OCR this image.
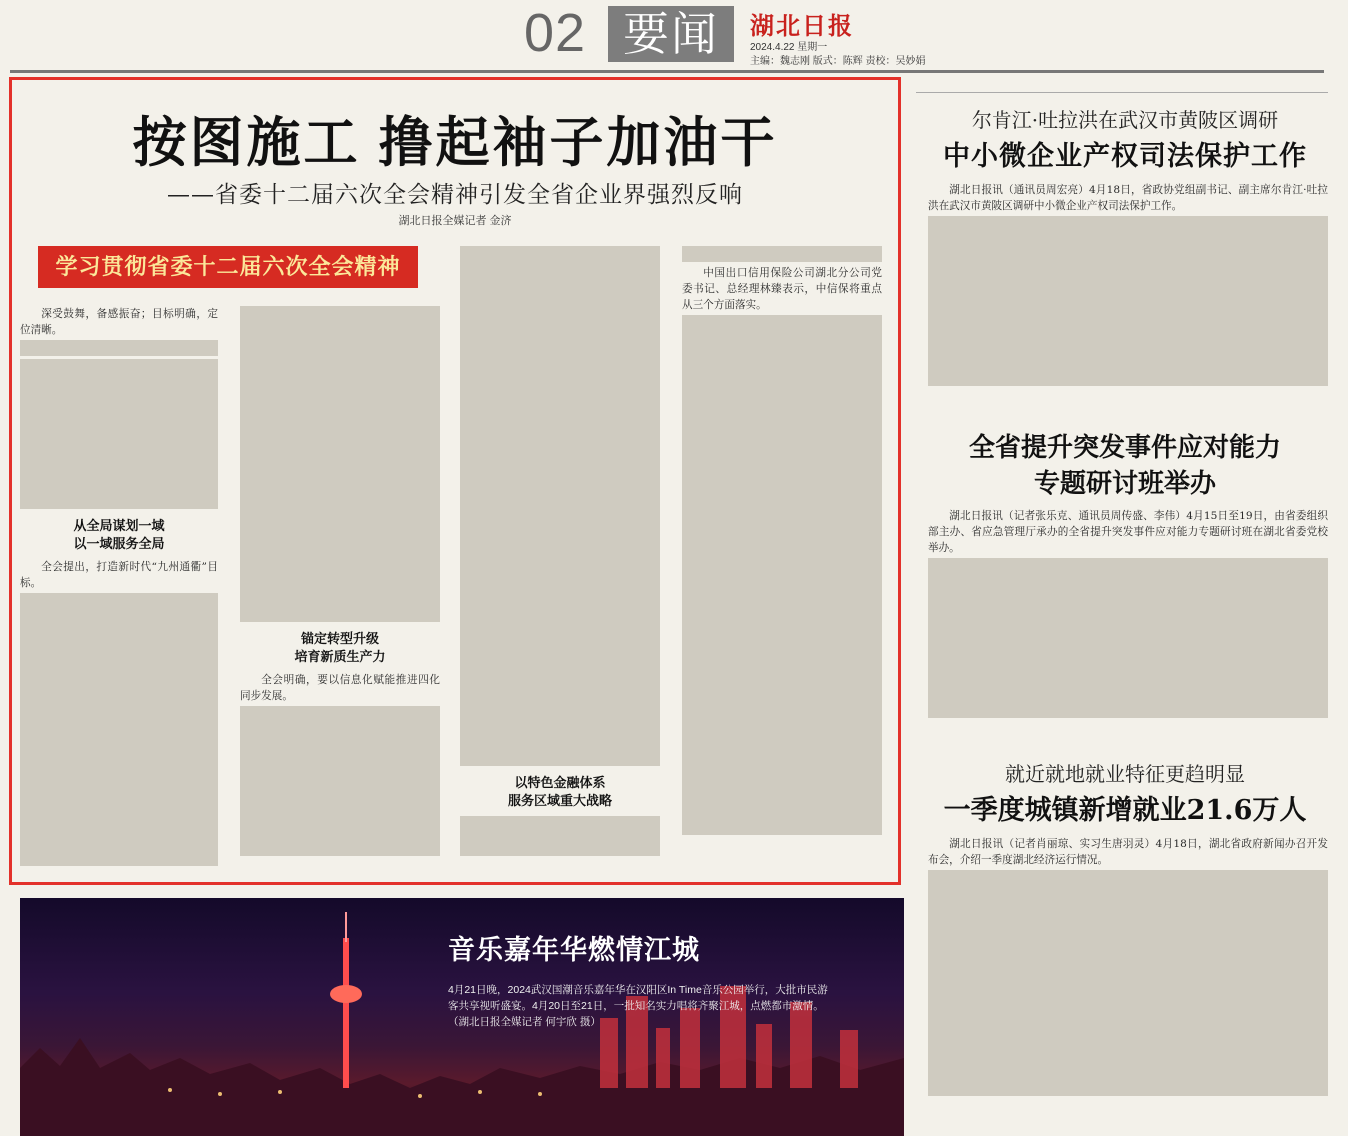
02 要闻	湖北日报
2024.4.22 星期一
主编：魏志刚 版式：陈辉 责校：吴妙娟
按图施工 撸起袖子加油干
——省委十二届六次全会精神引发全省企业界强烈反响
湖北日报全媒记者 金济
学习贯彻省委十二届六次全会精神

深受鼓舞，备感振奋；目标明确，定位清晰。

从全局谋划一域
以一域服务全局

全会提出，打造新时代“九州通衢”目标。

锚定转型升级
培育新质生产力

全会明确，要以信息化赋能推进四化同步发展。

以特色金融体系
服务区域重大战略

中国出口信用保险公司湖北分公司党委书记、总经理林臻表示，中信保将重点从三个方面落实。

尔肯江·吐拉洪在武汉市黄陂区调研
中小微企业产权司法保护工作

湖北日报讯（通讯员周宏亮）4月18日，省政协党组副书记、副主席尔肯江·吐拉洪在武汉市黄陂区调研中小微企业产权司法保护工作。

全省提升突发事件应对能力
专题研讨班举办

湖北日报讯（记者张乐克、通讯员周传盛、李伟）4月15日至19日，由省委组织部主办、省应急管理厅承办的全省提升突发事件应对能力专题研讨班在湖北省委党校举办。

就近就地就业特征更趋明显
一季度城镇新增就业21.6万人

湖北日报讯（记者肖丽琼、实习生唐羽灵）4月18日，湖北省政府新闻办召开发布会，介绍一季度湖北经济运行情况。

音乐嘉年华燃情江城
4月21日晚，2024武汉国潮音乐嘉年华在汉阳区In Time音乐公园举行，大批市民游客共享视听盛宴。4月20日至21日，一批知名实力唱将齐聚江城，点燃都市激情。（湖北日报全媒记者 何宇欣 摄）
